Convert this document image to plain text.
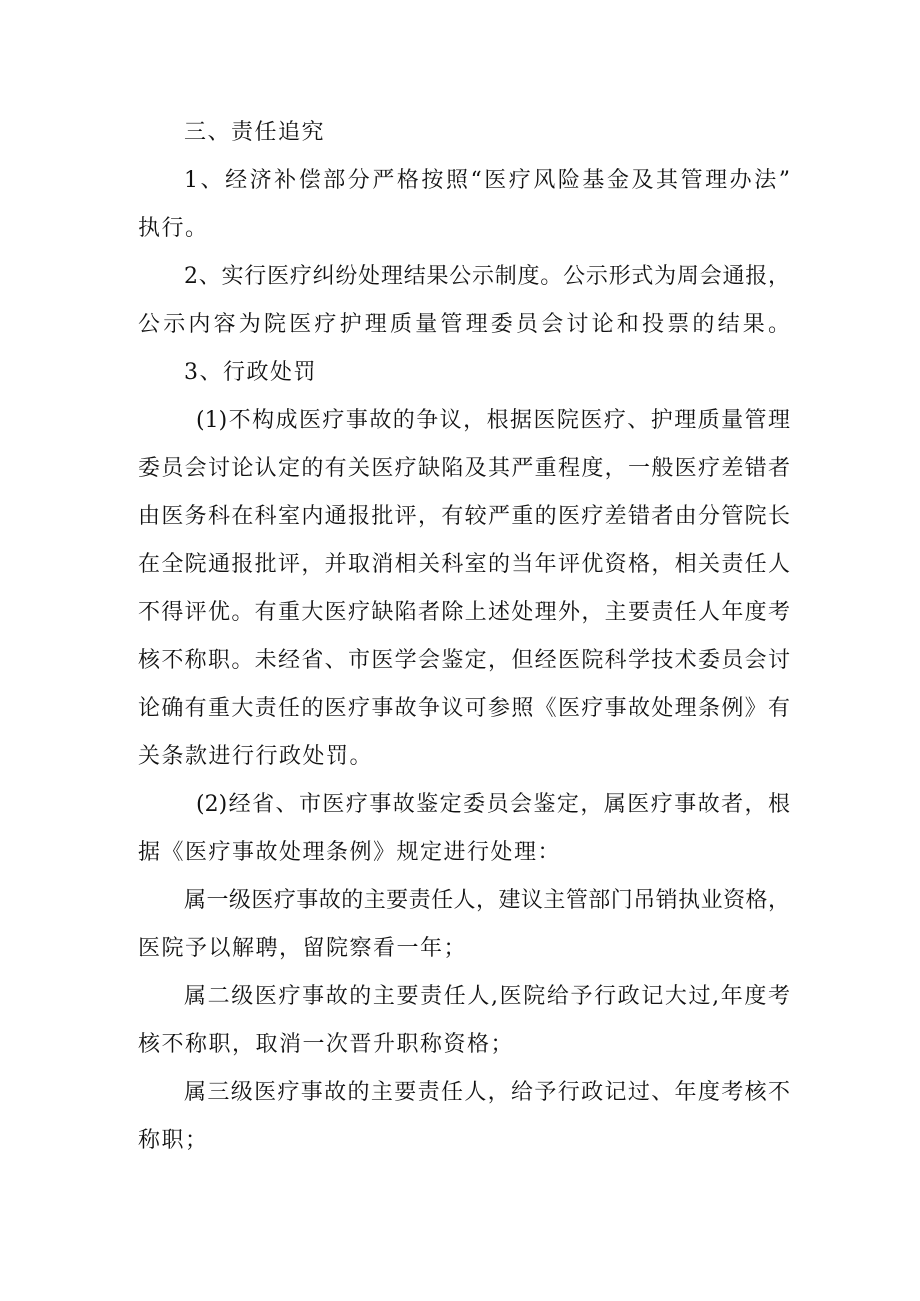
三、责任追究
1、经济补偿部分严格按照“医疗风险基金及其管理办法”
执行。
2、实行医疗纠纷处理结果公示制度。公示形式为周会通报，
公示内容为院医疗护理质量管理委员会讨论和投票的结果。
3、行政处罚
(1)不构成医疗事故的争议，根据医院医疗、护理质量管理
委员会讨论认定的有关医疗缺陷及其严重程度，一般医疗差错者
由医务科在科室内通报批评，有较严重的医疗差错者由分管院长
在全院通报批评，并取消相关科室的当年评优资格，相关责任人
不得评优。有重大医疗缺陷者除上述处理外，主要责任人年度考
核不称职。未经省、市医学会鉴定，但经医院科学技术委员会讨
论确有重大责任的医疗事故争议可参照《医疗事故处理条例》有
关条款进行行政处罚。
(2)经省、市医疗事故鉴定委员会鉴定，属医疗事故者，根
据《医疗事故处理条例》规定进行处理：
属一级医疗事故的主要责任人，建议主管部门吊销执业资格，
医院予以解聘，留院察看一年；
属二级医疗事故的主要责任人,医院给予行政记大过,年度考
核不称职，取消一次晋升职称资格；
属三级医疗事故的主要责任人，给予行政记过、年度考核不
称职；
